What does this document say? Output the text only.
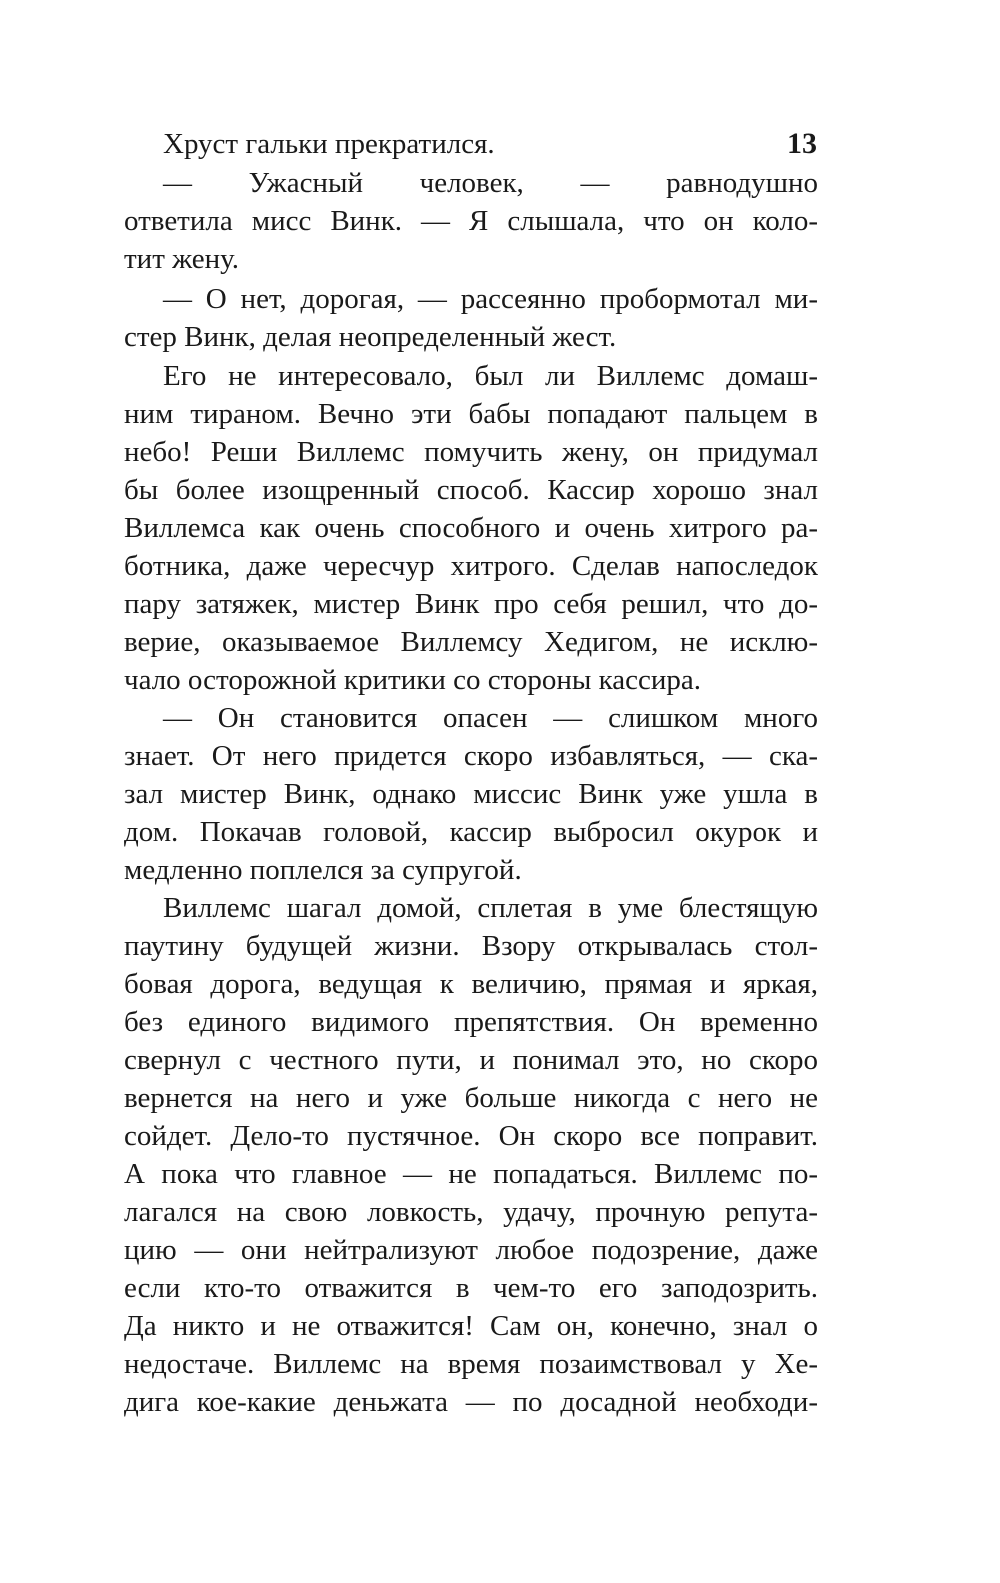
13
Хруст гальки прекратился.
— Ужасный человек, — равнодушно
ответила мисс Винк. — Я слышала, что он коло-
тит жену.
— О нет, дорогая, — рассеянно пробормотал ми-
стер Винк, делая неопределенный жест.
Его не интересовало, был ли Виллемс домаш-
ним тираном. Вечно эти бабы попадают пальцем в
небо! Реши Виллемс помучить жену, он придумал
бы более изощренный способ. Кассир хорошо знал
Виллемса как очень способного и очень хитрого ра-
ботника, даже чересчур хитрого. Сделав напоследок
пару затяжек, мистер Винк про себя решил, что до-
верие, оказываемое Виллемсу Хедигом, не исклю-
чало осторожной критики со стороны кассира.
— Он становится опасен — слишком много
знает. От него придется скоро избавляться, — ска-
зал мистер Винк, однако миссис Винк уже ушла в
дом. Покачав головой, кассир выбросил окурок и
медленно поплелся за супругой.
Виллемс шагал домой, сплетая в уме блестящую
паутину будущей жизни. Взору открывалась стол-
бовая дорога, ведущая к величию, прямая и яркая,
без единого видимого препятствия. Он временно
свернул с честного пути, и понимал это, но скоро
вернется на него и уже больше никогда с него не
сойдет. Дело-то пустячное. Он скоро все поправит.
А пока что главное — не попадаться. Виллемс по-
лагался на свою ловкость, удачу, прочную репута-
цию — они нейтрализуют любое подозрение, даже
если кто-то отважится в чем-то его заподозрить.
Да никто и не отважится! Сам он, конечно, знал о
недостаче. Виллемс на время позаимствовал у Хе-
дига кое-какие деньжата — по досадной необходи-
